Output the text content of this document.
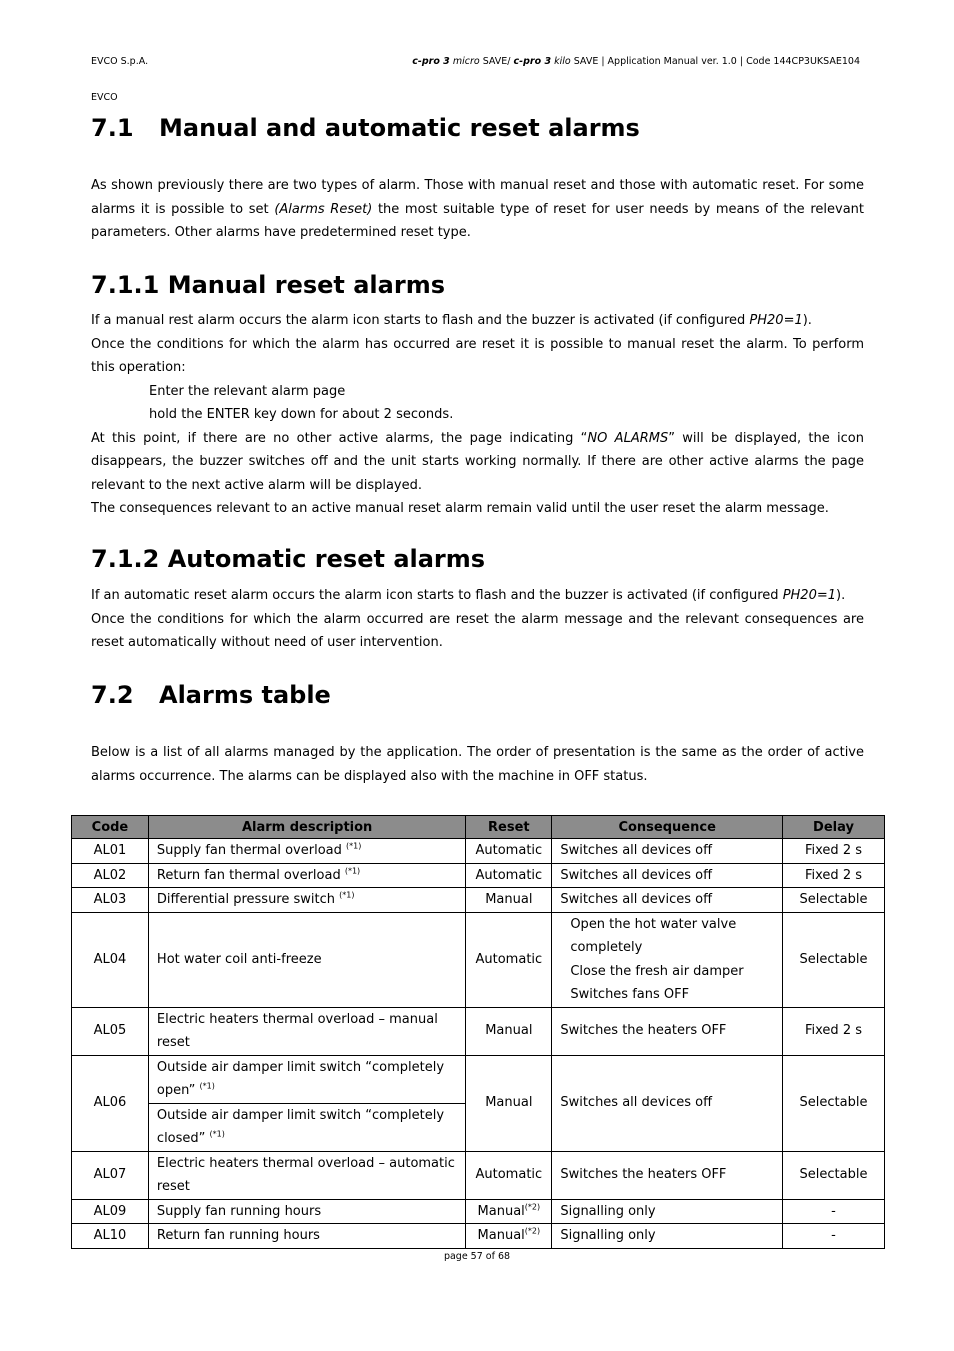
EVCO S.p.A.	c-pro 3 micro SAVE/ c-pro 3 kilo SAVE | Application Manual ver. 1.0 | Code 144CP3UKSAE104
EVCO
7.1 Manual and automatic reset alarms

As shown previously there are two types of alarm. Those with manual reset and those with automatic reset. For some alarms it is possible to set (Alarms Reset) the most suitable type of reset for user needs by means of the relevant parameters. Other alarms have predetermined reset type.

7.1.1 Manual reset alarms

If a manual rest alarm occurs the alarm icon starts to flash and the buzzer is activated (if configured PH20=1).

Once the conditions for which the alarm has occurred are reset it is possible to manual reset the alarm. To perform this operation:

Enter the relevant alarm page

hold the ENTER key down for about 2 seconds.

At this point, if there are no other active alarms, the page indicating “NO ALARMS” will be displayed, the icon disappears, the buzzer switches off and the unit starts working normally. If there are other active alarms the page relevant to the next active alarm will be displayed.

The consequences relevant to an active manual reset alarm remain valid until the user reset the alarm message.

7.1.2 Automatic reset alarms

If an automatic reset alarm occurs the alarm icon starts to flash and the buzzer is activated (if configured PH20=1).

Once the conditions for which the alarm occurred are reset the alarm message and the relevant consequences are reset automatically without need of user intervention.

7.2 Alarms table

Below is a list of all alarms managed by the application. The order of presentation is the same as the order of active alarms occurrence. The alarms can be displayed also with the machine in OFF status.

Code	Alarm description	Reset	Consequence	Delay
AL01	Supply fan thermal overload $^{(*1)}$	Automatic	Switches all devices off	Fixed 2 s
AL02	Return fan thermal overload $^{(*1)}$	Automatic	Switches all devices off	Fixed 2 s
AL03	Differential pressure switch $^{(*1)}$	Manual	Switches all devices off	Selectable
AL04	Hot water coil anti-freeze	Automatic	Open the hot water valve completely
Close the fresh air damper
Switches fans OFF	Selectable
AL05	Electric heaters thermal overload – manual reset	Manual	Switches the heaters OFF	Fixed 2 s
AL06	Outside air damper limit switch “completely open” $^{(*1)}$	Manual	Switches all devices off	Selectable
	Outside air damper limit switch “completely closed” $^{(*1)}$
AL07	Electric heaters thermal overload – automatic reset	Automatic	Switches the heaters OFF	Selectable
AL09	Supply fan running hours	Manual$^{(*2)}$	Signalling only	-
AL10	Return fan running hours	Manual$^{(*2)}$	Signalling only	-
page 57 of 68
